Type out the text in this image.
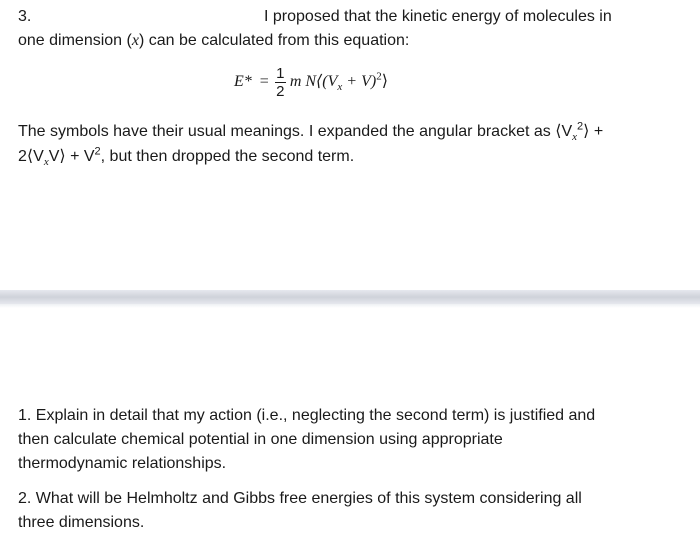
3.	I proposed that the kinetic energy of molecules in
one dimension (x) can be calculated from this equation:
$E* = \frac{1}{2}$ m $N⟨(V_x$ + V)$^2$⟩
The symbols have their usual meanings. I expanded the angular bracket as $⟨V_x^2⟩$ +
$2⟨V_xV⟩ + V^2$, but then dropped the second term.
1. Explain in detail that my action (i.e., neglecting the second term) is justified and
then calculate chemical potential in one dimension using appropriate
thermodynamic relationships.
2. What will be Helmholtz and Gibbs free energies of this system considering all
three dimensions.
